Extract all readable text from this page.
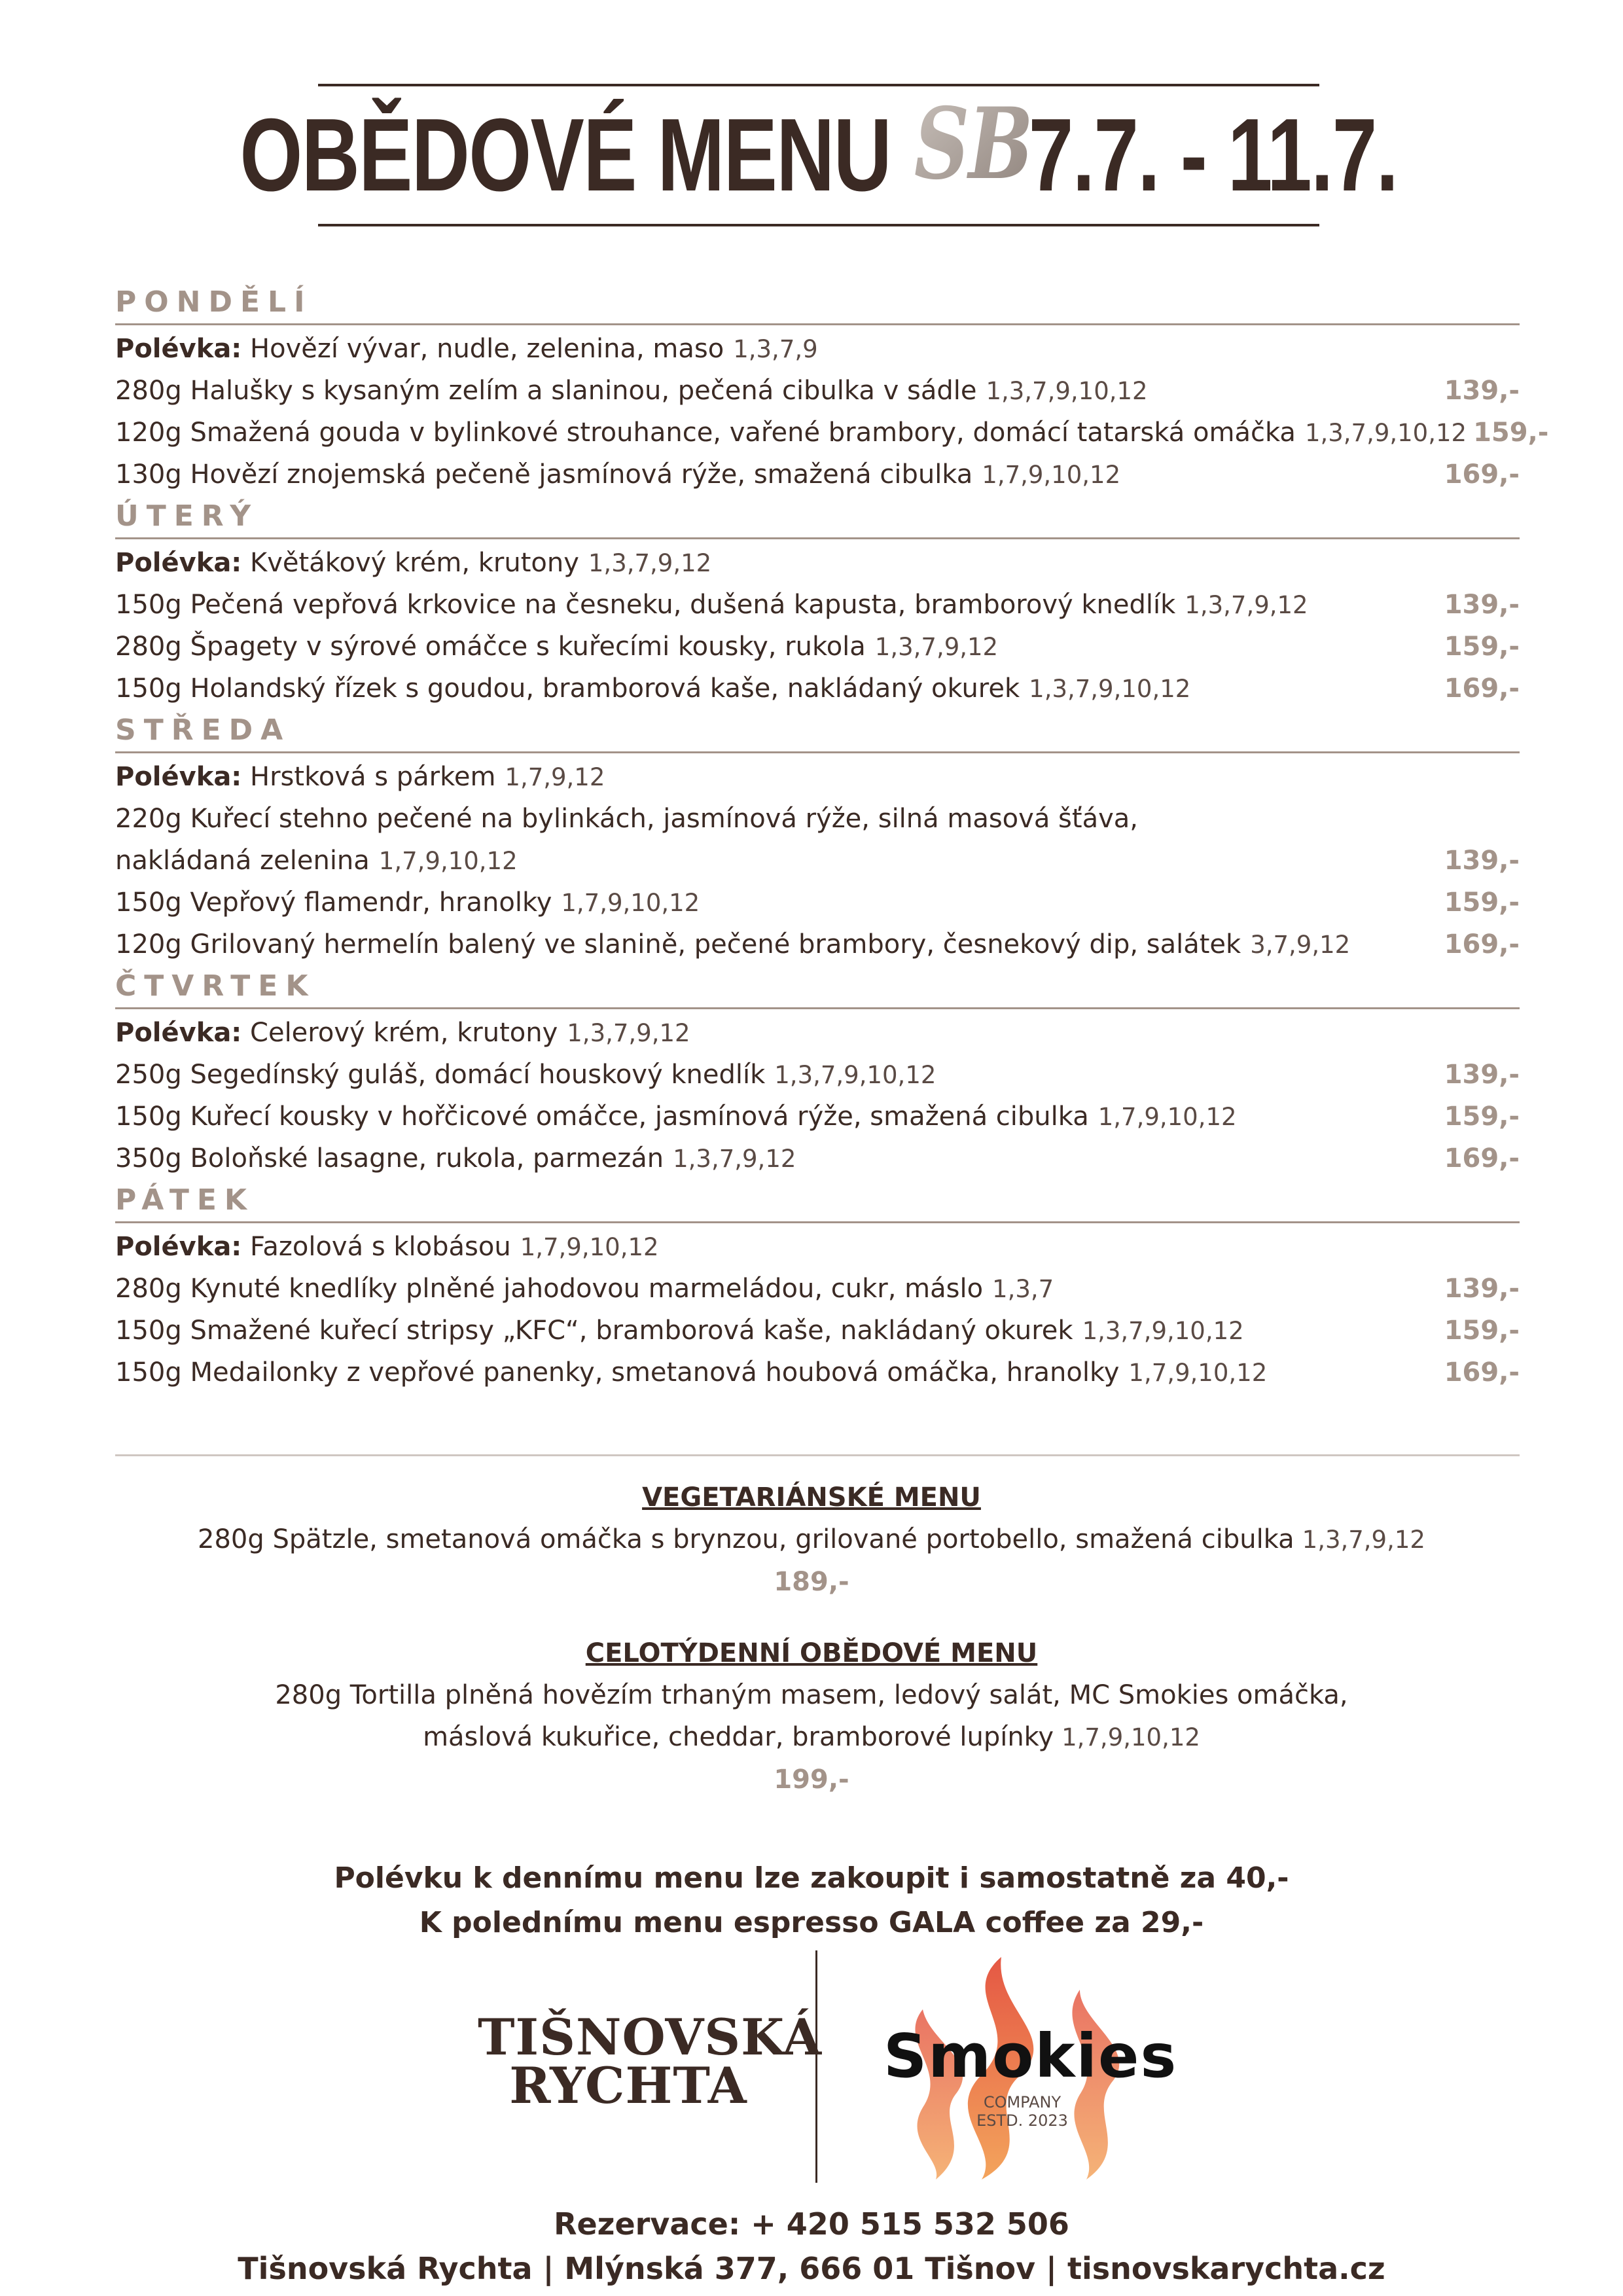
OBĚDOVÉ MENU SB
7.7. - 11.7.
PONDĚLÍ
Polévka: Hovězí vývar, nudle, zelenina, maso 1,3,7,9
280g Halušky s kysaným zelím a slaninou, pečená cibulka v sádle 1,3,7,9,10,12	139,-
120g Smažená gouda v bylinkové strouhance, vařené brambory, domácí tatarská omáčka 1,3,7,9,10,12 159,-
130g Hovězí znojemská pečeně jasmínová rýže, smažená cibulka 1,7,9,10,12	169,-
ÚTERÝ
Polévka: Květákový krém, krutony 1,3,7,9,12
150g Pečená vepřová krkovice na česneku, dušená kapusta, bramborový knedlík 1,3,7,9,12	139,-
280g Špagety v sýrové omáčce s kuřecími kousky, rukola 1,3,7,9,12	159,-
150g Holandský řízek s goudou, bramborová kaše, nakládaný okurek 1,3,7,9,10,12	169,-
STŘEDA
Polévka: Hrstková s párkem 1,7,9,12
220g Kuřecí stehno pečené na bylinkách, jasmínová rýže, silná masová šťáva,
nakládaná zelenina 1,7,9,10,12	139,-
150g Vepřový flamendr, hranolky 1,7,9,10,12	159,-
120g Grilovaný hermelín balený ve slanině, pečené brambory, česnekový dip, salátek 3,7,9,12	169,-
ČTVRTEK
Polévka: Celerový krém, krutony 1,3,7,9,12
250g Segedínský guláš, domácí houskový knedlík 1,3,7,9,10,12	139,-
150g Kuřecí kousky v hořčicové omáčce, jasmínová rýže, smažená cibulka 1,7,9,10,12	159,-
350g Boloňské lasagne, rukola, parmezán 1,3,7,9,12	169,-
PÁTEK
Polévka: Fazolová s klobásou 1,7,9,10,12
280g Kynuté knedlíky plněné jahodovou marmeládou, cukr, máslo 1,3,7	139,-
150g Smažené kuřecí stripsy „KFC“, bramborová kaše, nakládaný okurek 1,3,7,9,10,12	159,-
150g Medailonky z vepřové panenky, smetanová houbová omáčka, hranolky 1,7,9,10,12	169,-
VEGETARIÁNSKÉ MENU
280g Spätzle, smetanová omáčka s brynzou, grilované portobello, smažená cibulka 1,3,7,9,12
189,-
CELOTÝDENNÍ OBĚDOVÉ MENU
280g Tortilla plněná hovězím trhaným masem, ledový salát, MC Smokies omáčka,
máslová kukuřice, cheddar, bramborové lupínky 1,7,9,10,12
199,-
Polévku k dennímu menu lze zakoupit i samostatně za 40,-
K polednímu menu espresso GALA coffee za 29,-
TIŠNOVSKÁ
RYCHTA	Smokies
COMPANY
ESTD. 2023
Rezervace: + 420 515 532 506
Tišnovská Rychta | Mlýnská 377, 666 01 Tišnov | tisnovskarychta.cz
